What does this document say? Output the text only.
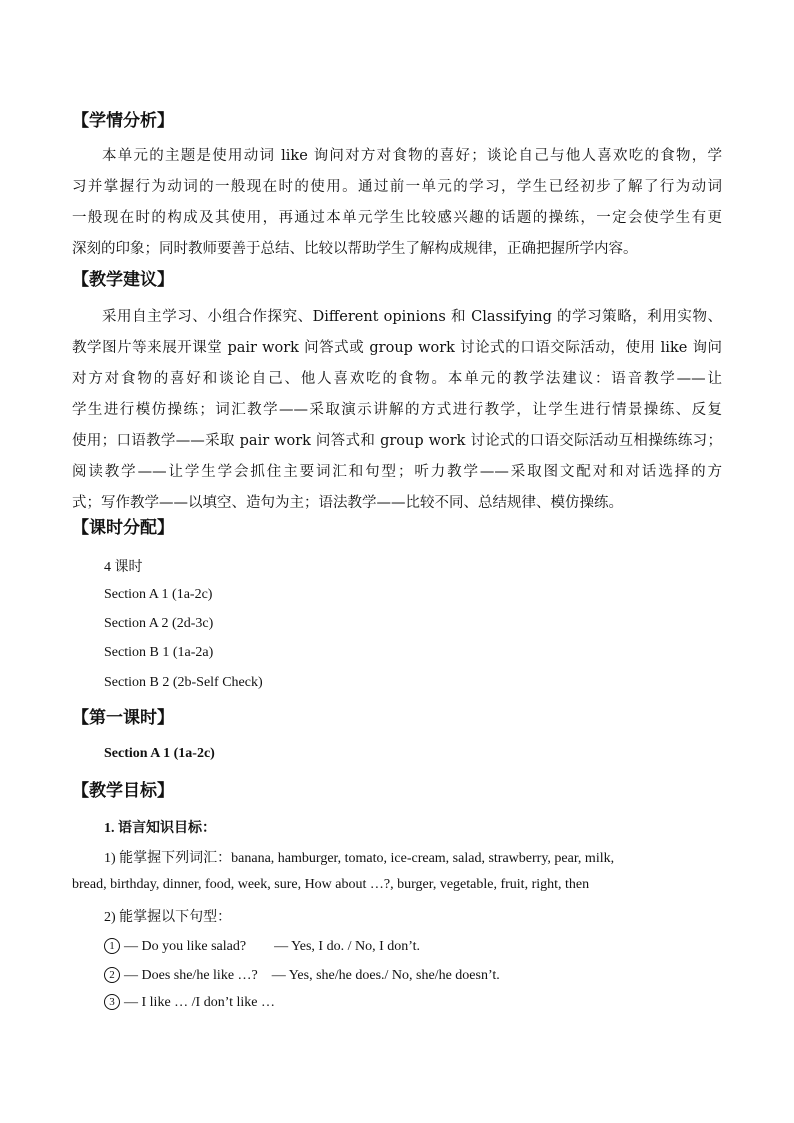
【学情分析】
本单元的主题是使用动词 like 询问对方对食物的喜好；谈论自己与他人喜欢吃的食物，学
习并掌握行为动词的一般现在时的使用。通过前一单元的学习，学生已经初步了解了行为动词
一般现在时的构成及其使用，再通过本单元学生比较感兴趣的话题的操练，一定会使学生有更
深刻的印象；同时教师要善于总结、比较以帮助学生了解构成规律，正确把握所学内容。
【教学建议】
采用自主学习、小组合作探究、Different opinions 和 Classifying 的学习策略，利用实物、
教学图片等来展开课堂 pair work 问答式或 group work 讨论式的口语交际活动，使用 like 询问
对方对食物的喜好和谈论自己、他人喜欢吃的食物。本单元的教学法建议：语音教学——让
学生进行模仿操练；词汇教学——采取演示讲解的方式进行教学，让学生进行情景操练、反复
使用；口语教学——采取 pair work 问答式和 group work 讨论式的口语交际活动互相操练练习；
阅读教学——让学生学会抓住主要词汇和句型；听力教学——采取图文配对和对话选择的方
式；写作教学——以填空、造句为主；语法教学——比较不同、总结规律、模仿操练。
【课时分配】
4 课时
Section A 1 (1a-2c)
Section A 2 (2d-3c)
Section B 1 (1a-2a)
Section B 2 (2b-Self Check)
【第一课时】
Section A 1 (1a-2c)
【教学目标】
1. 语言知识目标：
1) 能掌握下列词汇：banana, hamburger, tomato, ice-cream, salad, strawberry, pear, milk,
bread, birthday, dinner, food, week, sure, How about …?, burger, vegetable, fruit, right, then
2) 能掌握以下句型：
1 — Do you like salad?　　— Yes, I do. / No, I don’t.
2 — Does she/he like …?　— Yes, she/he does./ No, she/he doesn’t.
3 — I like … /I don’t like …
